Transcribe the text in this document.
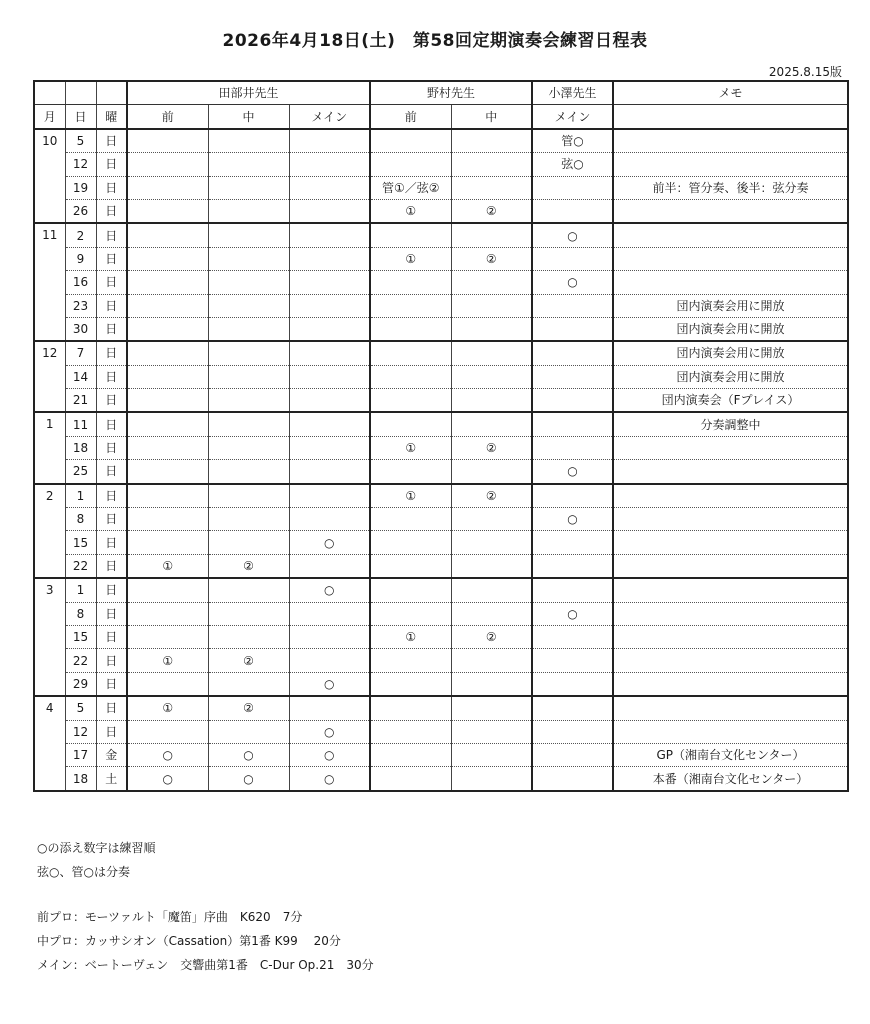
2026年4月18日(土)　第58回定期演奏会練習日程表
2025.8.15版
			田部井先生			野村先生		小澤先生	メモ
月	日	曜	前	中	メイン	前	中	メイン	
10	5	日						管○	
	12	日						弦○	
	19	日				管①／弦②			前半：管分奏、後半：弦分奏
	26	日				①	②		
11	2	日						○	
	9	日				①	②		
	16	日						○	
	23	日							団内演奏会用に開放
	30	日							団内演奏会用に開放
12	7	日							団内演奏会用に開放
	14	日							団内演奏会用に開放
	21	日							団内演奏会（Fプレイス）
1	11	日							分奏調整中
	18	日				①	②		
	25	日						○	
2	1	日				①	②		
	8	日						○	
	15	日			○				
	22	日	①	②					
3	1	日			○				
	8	日						○	
	15	日				①	②		
	22	日	①	②					
	29	日			○				
4	5	日	①	②					
	12	日			○				
	17	金	○	○	○				GP（湘南台文化センター）
	18	土	○	○	○				本番（湘南台文化センター）
○の添え数字は練習順
弦○、管○は分奏
前プロ：モーツァルト「魔笛」序曲　K620　7分
中プロ：カッサシオン（Cassation）第1番 K99　 20分
メイン：ベートーヴェン　交響曲第1番　C-Dur Op.21　30分
